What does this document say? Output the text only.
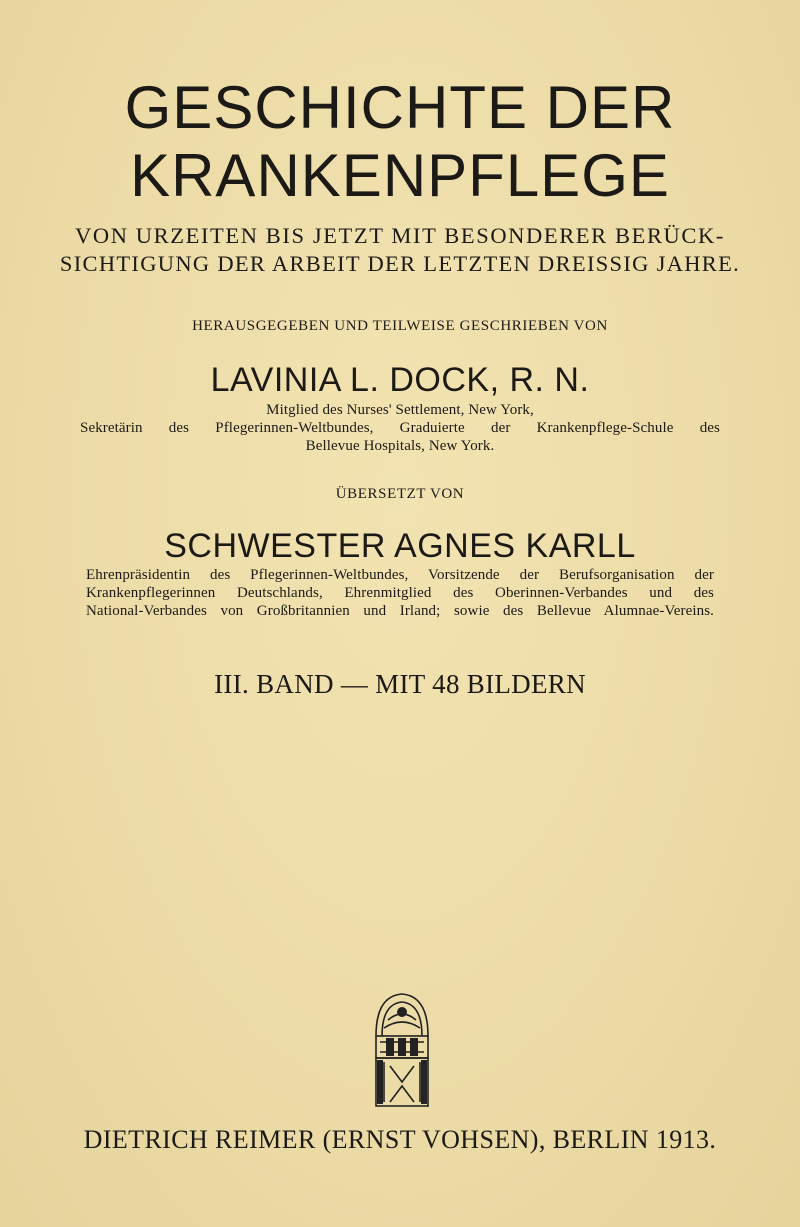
GESCHICHTE DER
KRANKENPFLEGE
VON URZEITEN BIS JETZT MIT BESONDERER BERÜCK-
SICHTIGUNG DER ARBEIT DER LETZTEN DREISSIG JAHRE.
HERAUSGEGEBEN UND TEILWEISE GESCHRIEBEN VON
LAVINIA L. DOCK, R. N.
Mitglied des Nurses' Settlement, New York,
Sekretärin des Pflegerinnen-Weltbundes, Graduierte der Krankenpflege-Schule des
Bellevue Hospitals, New York.
ÜBERSETZT VON
SCHWESTER AGNES KARLL
Ehrenpräsidentin des Pflegerinnen-Weltbundes, Vorsitzende der Berufsorganisation der
Krankenpflegerinnen Deutschlands, Ehrenmitglied des Oberinnen-Verbandes und des
National-Verbandes von Großbritannien und Irland; sowie des Bellevue Alumnae-Vereins.
III. BAND — MIT 48 BILDERN
DIETRICH REIMER (ERNST VOHSEN), BERLIN 1913.
